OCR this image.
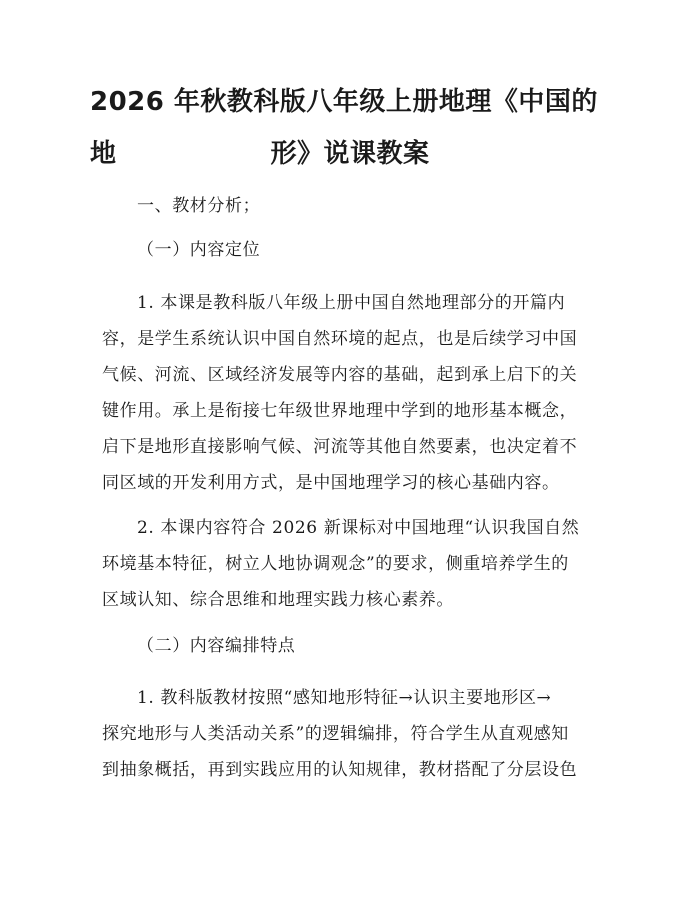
2026 年秋教科版八年级上册地理《中国的地	形》说课教案

一、教材分析；

（一）内容定位

1. 本课是教科版八年级上册中国自然地理部分的开篇内

容，是学生系统认识中国自然环境的起点，也是后续学习中国

气候、河流、区域经济发展等内容的基础，起到承上启下的关

键作用。承上是衔接七年级世界地理中学到的地形基本概念，

启下是地形直接影响气候、河流等其他自然要素，也决定着不

同区域的开发利用方式，是中国地理学习的核心基础内容。

2. 本课内容符合 2026 新课标对中国地理“认识我国自然

环境基本特征，树立人地协调观念”的要求，侧重培养学生的

区域认知、综合思维和地理实践力核心素养。

（二）内容编排特点

1. 教科版教材按照“感知地形特征→认识主要地形区→

探究地形与人类活动关系”的逻辑编排，符合学生从直观感知

到抽象概括，再到实践应用的认知规律，教材搭配了分层设色
